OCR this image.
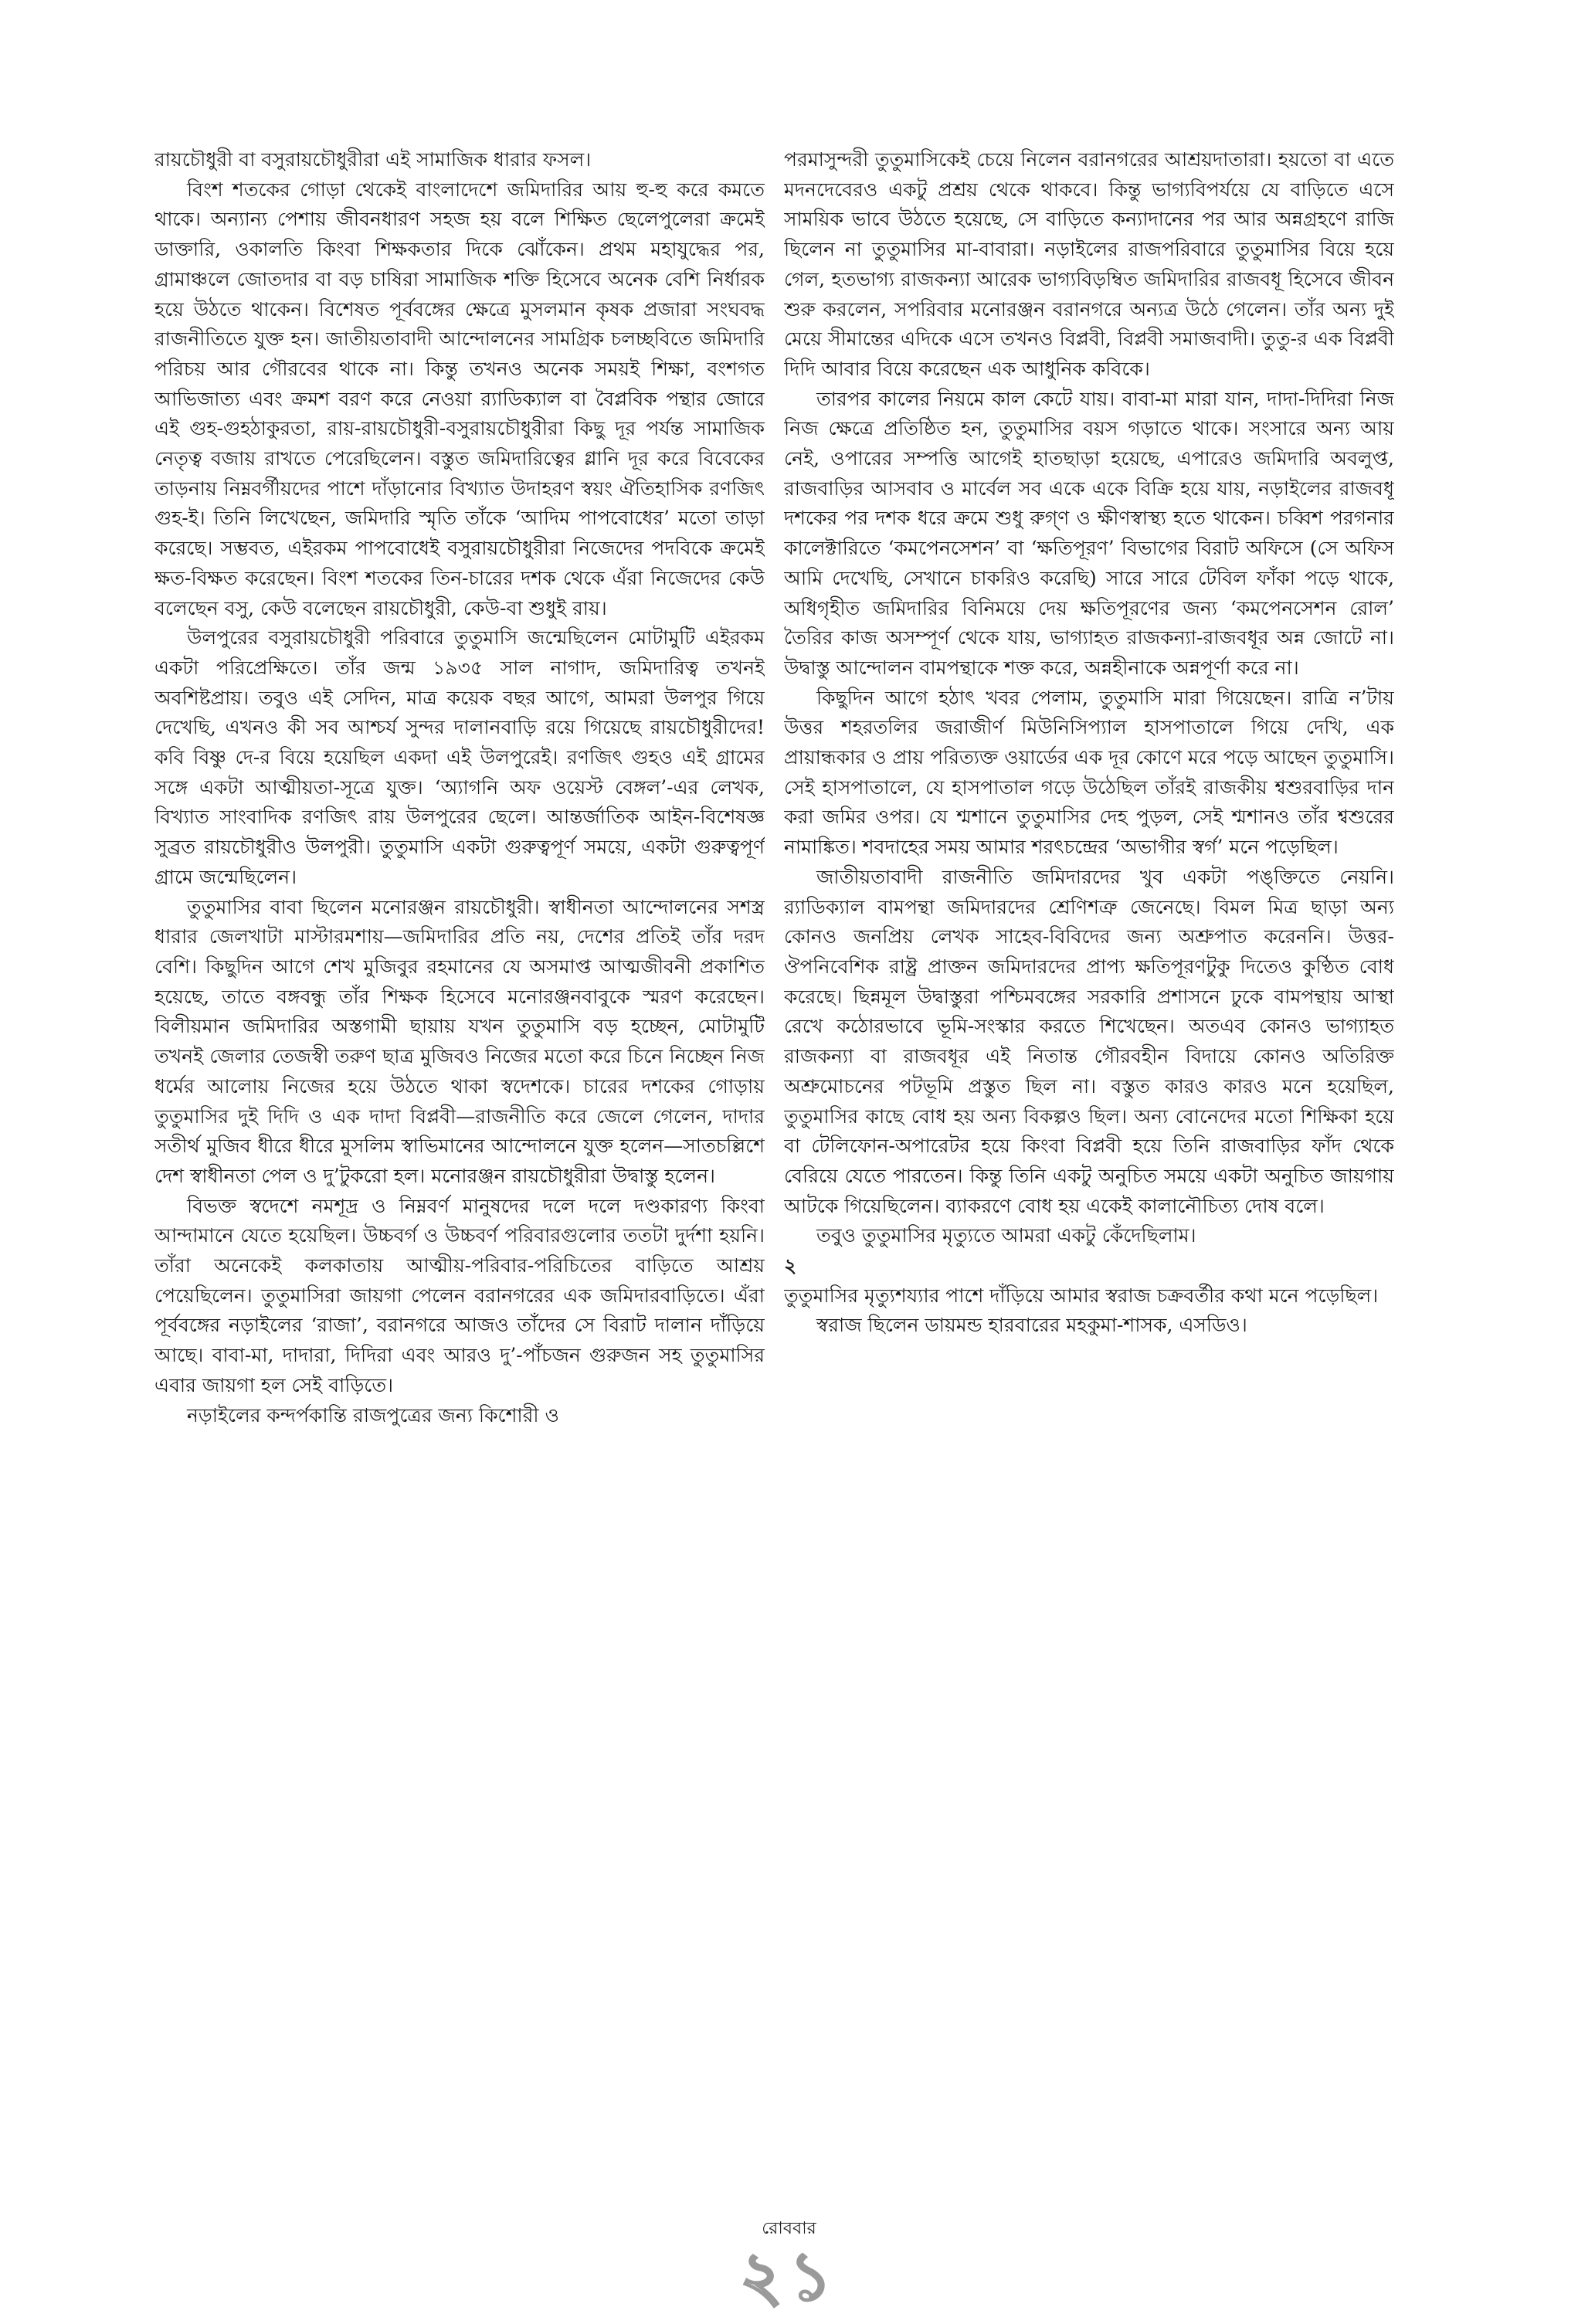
রায়চৌধুরী বা বসুরায়চৌধুরীরা এই সামাজিক ধারার ফসল।

বিংশ শতকের গোড়া থেকেই বাংলাদেশে জমিদারির আয় হু-হু করে কমতে থাকে। অন্যান্য পেশায় জীবনধারণ সহজ হয় বলে শিক্ষিত ছেলেপুলেরা ক্রমেই ডাক্তারি, ওকালতি কিংবা শিক্ষকতার দিকে ঝোঁকেন। প্রথম মহাযুদ্ধের পর, গ্রামাঞ্চলে জোতদার বা বড় চাষিরা সামাজিক শক্তি হিসেবে অনেক বেশি নির্ধারক হয়ে উঠতে থাকেন। বিশেষত পূর্ববঙ্গের ক্ষেত্রে মুসলমান কৃষক প্রজারা সংঘবদ্ধ রাজনীতিতে যুক্ত হন। জাতীয়তাবাদী আন্দোলনের সামগ্রিক চলচ্ছবিতে জমিদারি পরিচয় আর গৌরবের থাকে না। কিন্তু তখনও অনেক সময়ই শিক্ষা, বংশগত আভিজাত্য এবং ক্রমশ বরণ করে নেওয়া র‍্যাডিক্যাল বা বৈপ্লবিক পন্থার জোরে এই গুহ-গুহঠাকুরতা, রায়-রায়চৌধুরী-বসুরায়চৌধুরীরা কিছু দূর পর্যন্ত সামাজিক নেতৃত্ব বজায় রাখতে পেরেছিলেন। বস্তুত জমিদারিত্বের গ্লানি দূর করে বিবেকের তাড়নায় নিম্নবর্গীয়দের পাশে দাঁড়ানোর বিখ্যাত উদাহরণ স্বয়ং ঐতিহাসিক রণজিৎ গুহ-ই। তিনি লিখেছেন, জমিদারি স্মৃতি তাঁকে ‘আদিম পাপবোধের’ মতো তাড়া করেছে। সম্ভবত, এইরকম পাপবোধেই বসুরায়চৌধুরীরা নিজেদের পদবিকে ক্রমেই ক্ষত-বিক্ষত করেছেন। বিংশ শতকের তিন-চারের দশক থেকে এঁরা নিজেদের কেউ বলেছেন বসু, কেউ বলেছেন রায়চৌধুরী, কেউ-বা শুধুই রায়।

উলপুরের বসুরায়চৌধুরী পরিবারে তুতুমাসি জন্মেছিলেন মোটামুটি এইরকম একটা পরিপ্রেক্ষিতে। তাঁর জন্ম ১৯৩৫ সাল নাগাদ, জমিদারিত্ব তখনই অবশিষ্টপ্রায়। তবুও এই সেদিন, মাত্র কয়েক বছর আগে, আমরা উলপুর গিয়ে দেখেছি, এখনও কী সব আশ্চর্য সুন্দর দালানবাড়ি রয়ে গিয়েছে রায়চৌধুরীদের! কবি বিষ্ণু দে-র বিয়ে হয়েছিল একদা এই উলপুরেই। রণজিৎ গুহও এই গ্রামের সঙ্গে একটা আত্মীয়তা-সূত্রে যুক্ত। ‘অ্যাগনি অফ ওয়েস্ট বেঙ্গল’-এর লেখক, বিখ্যাত সাংবাদিক রণজিৎ রায় উলপুরের ছেলে। আন্তর্জাতিক আইন-বিশেষজ্ঞ সুব্রত রায়চৌধুরীও উলপুরী। তুতুমাসি একটা গুরুত্বপূর্ণ সময়ে, একটা গুরুত্বপূর্ণ গ্রামে জন্মেছিলেন।

তুতুমাসির বাবা ছিলেন মনোরঞ্জন রায়চৌধুরী। স্বাধীনতা আন্দোলনের সশস্ত্র ধারার জেলখাটা মাস্টারমশায়—জমিদারির প্রতি নয়, দেশের প্রতিই তাঁর দরদ বেশি। কিছুদিন আগে শেখ মুজিবুর রহমানের যে অসমাপ্ত আত্মজীবনী প্রকাশিত হয়েছে, তাতে বঙ্গবন্ধু তাঁর শিক্ষক হিসেবে মনোরঞ্জনবাবুকে স্মরণ করেছেন। বিলীয়মান জমিদারির অস্তগামী ছায়ায় যখন তুতুমাসি বড় হচ্ছেন, মোটামুটি তখনই জেলার তেজস্বী তরুণ ছাত্র মুজিবও নিজের মতো করে চিনে নিচ্ছেন নিজ ধর্মের আলোয় নিজের হয়ে উঠতে থাকা স্বদেশকে। চারের দশকের গোড়ায় তুতুমাসির দুই দিদি ও এক দাদা বিপ্লবী—রাজনীতি করে জেলে গেলেন, দাদার সতীর্থ মুজিব ধীরে ধীরে মুসলিম স্বাভিমানের আন্দোলনে যুক্ত হলেন—সাতচল্লিশে দেশ স্বাধীনতা পেল ও দু’টুকরো হল। মনোরঞ্জন রায়চৌধুরীরা উদ্বাস্তু হলেন।

বিভক্ত স্বদেশে নমশূদ্র ও নিম্নবর্ণ মানুষদের দলে দলে দণ্ডকারণ্য কিংবা আন্দামানে যেতে হয়েছিল। উচ্চবর্গ ও উচ্চবর্ণ পরিবারগুলোর ততটা দুর্দশা হয়নি। তাঁরা অনেকেই কলকাতায় আত্মীয়-পরিবার-পরিচিতের বাড়িতে আশ্রয় পেয়েছিলেন। তুতুমাসিরা জায়গা পেলেন বরানগরের এক জমিদারবাড়িতে। এঁরা পূর্ববঙ্গের নড়াইলের ‘রাজা’, বরানগরে আজও তাঁদের সে বিরাট দালান দাঁড়িয়ে আছে। বাবা-মা, দাদারা, দিদিরা এবং আরও দু’-পাঁচজন গুরুজন সহ তুতুমাসির এবার জায়গা হল সেই বাড়িতে।

নড়াইলের কন্দর্পকান্তি রাজপুত্রের জন্য কিশোরী ও

পরমাসুন্দরী তুতুমাসিকেই চেয়ে নিলেন বরানগরের আশ্রয়দাতারা। হয়তো বা এতে মদনদেবেরও একটু প্রশ্রয় থেকে থাকবে। কিন্তু ভাগ্যবিপর্যয়ে যে বাড়িতে এসে সাময়িক ভাবে উঠতে হয়েছে, সে বাড়িতে কন্যাদানের পর আর অন্নগ্রহণে রাজি ছিলেন না তুতুমাসির মা-বাবারা। নড়াইলের রাজপরিবারে তুতুমাসির বিয়ে হয়ে গেল, হতভাগ্য রাজকন্যা আরেক ভাগ্যবিড়ম্বিত জমিদারির রাজবধূ হিসেবে জীবন শুরু করলেন, সপরিবার মনোরঞ্জন বরানগরে অন্যত্র উঠে গেলেন। তাঁর অন্য দুই মেয়ে সীমান্তের এদিকে এসে তখনও বিপ্লবী, বিপ্লবী সমাজবাদী। তুতু-র এক বিপ্লবী দিদি আবার বিয়ে করেছেন এক আধুনিক কবিকে।

তারপর কালের নিয়মে কাল কেটে যায়। বাবা-মা মারা যান, দাদা-দিদিরা নিজ নিজ ক্ষেত্রে প্রতিষ্ঠিত হন, তুতুমাসির বয়স গড়াতে থাকে। সংসারে অন্য আয় নেই, ওপারের সম্পত্তি আগেই হাতছাড়া হয়েছে, এপারেও জমিদারি অবলুপ্ত, রাজবাড়ির আসবাব ও মার্বেল সব একে একে বিক্রি হয়ে যায়, নড়াইলের রাজবধূ দশকের পর দশক ধরে ক্রমে শুধু রুগ্‌ণ ও ক্ষীণস্বাস্থ্য হতে থাকেন। চব্বিশ পরগনার কালেক্টারিতে ‘কমপেনসেশন’ বা ‘ক্ষতিপূরণ’ বিভাগের বিরাট অফিসে (সে অফিস আমি দেখেছি, সেখানে চাকরিও করেছি) সারে সারে টেবিল ফাঁকা পড়ে থাকে, অধিগৃহীত জমিদারির বিনিময়ে দেয় ক্ষতিপূরণের জন্য ‘কমপেনসেশন রোল’ তৈরির কাজ অসম্পূর্ণ থেকে যায়, ভাগ্যাহত রাজকন্যা-রাজবধূর অন্ন জোটে না। উদ্বাস্তু আন্দোলন বামপন্থাকে শক্ত করে, অন্নহীনাকে অন্নপূর্ণা করে না।

কিছুদিন আগে হঠাৎ খবর পেলাম, তুতুমাসি মারা গিয়েছেন। রাত্রি ন’টায় উত্তর শহরতলির জরাজীর্ণ মিউনিসিপ্যাল হাসপাতালে গিয়ে দেখি, এক প্রায়ান্ধকার ও প্রায় পরিত্যক্ত ওয়ার্ডের এক দূর কোণে মরে পড়ে আছেন তুতুমাসি। সেই হাসপাতালে, যে হাসপাতাল গড়ে উঠেছিল তাঁরই রাজকীয় শ্বশুরবাড়ির দান করা জমির ওপর। যে শ্মশানে তুতুমাসির দেহ পুড়ল, সেই শ্মশানও তাঁর শ্বশুরের নামাঙ্কিত। শবদাহের সময় আমার শরৎচন্দ্রের ‘অভাগীর স্বর্গ’ মনে পড়েছিল।

জাতীয়তাবাদী রাজনীতি জমিদারদের খুব একটা পঙ্‌ক্তিতে নেয়নি। র‍্যাডিক্যাল বামপন্থা জমিদারদের শ্রেণিশত্রু জেনেছে। বিমল মিত্র ছাড়া অন্য কোনও জনপ্রিয় লেখক সাহেব-বিবিদের জন্য অশ্রুপাত করেননি। উত্তর-ঔপনিবেশিক রাষ্ট্র প্রাক্তন জমিদারদের প্রাপ্য ক্ষতিপূরণটুকু দিতেও কুণ্ঠিত বোধ করেছে। ছিন্নমূল উদ্বাস্তুরা পশ্চিমবঙ্গের সরকারি প্রশাসনে ঢুকে বামপন্থায় আস্থা রেখে কঠোরভাবে ভূমি-সংস্কার করতে শিখেছেন। অতএব কোনও ভাগ্যাহত রাজকন্যা বা রাজবধূর এই নিতান্ত গৌরবহীন বিদায়ে কোনও অতিরিক্ত অশ্রুমোচনের পটভূমি প্রস্তুত ছিল না। বস্তুত কারও কারও মনে হয়েছিল, তুতুমাসির কাছে বোধ হয় অন্য বিকল্পও ছিল। অন্য বোনেদের মতো শিক্ষিকা হয়ে বা টেলিফোন-অপারেটর হয়ে কিংবা বিপ্লবী হয়ে তিনি রাজবাড়ির ফাঁদ থেকে বেরিয়ে যেতে পারতেন। কিন্তু তিনি একটু অনুচিত সময়ে একটা অনুচিত জায়গায় আটকে গিয়েছিলেন। ব্যাকরণে বোধ হয় একেই কালানৌচিত্য দোষ বলে।

তবুও তুতুমাসির মৃত্যুতে আমরা একটু কেঁদেছিলাম।

২

তুতুমাসির মৃত্যুশয্যার পাশে দাঁড়িয়ে আমার স্বরাজ চক্রবর্তীর কথা মনে পড়েছিল।

স্বরাজ ছিলেন ডায়মন্ড হারবারের মহকুমা-শাসক, এসডিও।

রোববার
২১
